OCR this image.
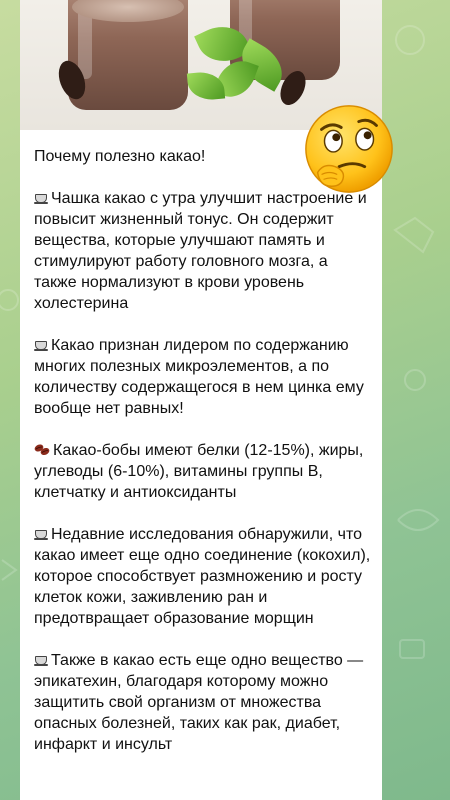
Почему полезно какао!
Чашка какао с утра улучшит настроение и повысит жизненный тонус. Он содержит вещества, которые улучшают память и стимулируют работу головного мозга, а также нормализуют в крови уровень холестерина
Какао признан лидером по содержанию многих полезных микроэлементов, а по количеству содержащегося в нем цинка ему вообще нет равных!
Какао-бобы имеют белки (12-15%), жиры, углеводы (6-10%), витамины группы В, клетчатку и антиоксиданты
Недавние исследования обнаружили, что какао имеет еще одно соединение (кокохил), которое способствует размножению и росту клеток кожи, заживлению ран и предотвращает образование морщин
Также в какао есть еще одно вещество — эпикатехин, благодаря которому можно защитить свой организм от множества опасных болезней, таких как рак, диабет, инфаркт и инсульт
